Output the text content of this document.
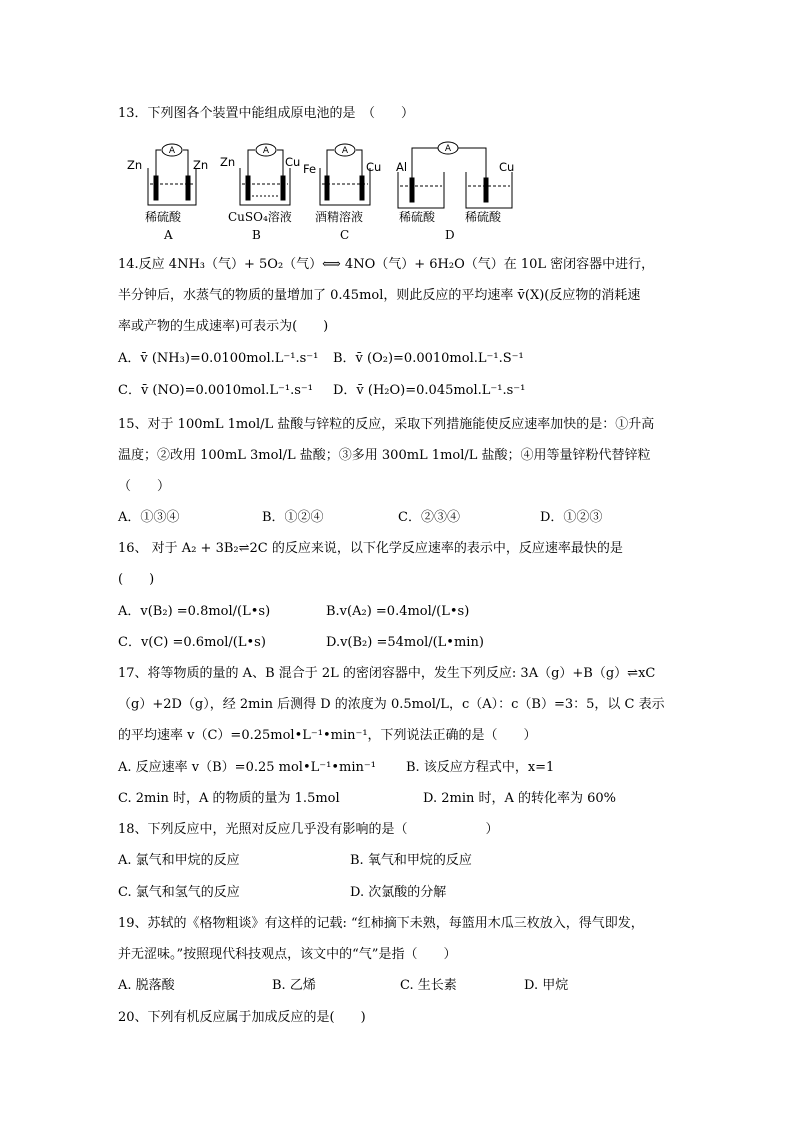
13．下列图各个装置中能组成原电池的是　（　　）
A	A	A	A
Zn	Zn Zn	Cu Fe	Cu Al	Cu
稀硫酸	CuSO₄溶液 酒精溶液	稀硫酸 稀硫酸
A	B	C	D
14.反应 4NH₃（气）+ 5O₂（气）⟺ 4NO（气）+ 6H₂O（气）在 10L 密闭容器中进行，
半分钟后，水蒸气的物质的量增加了 0.45mol，则此反应的平均速率 v̄(X)(反应物的消耗速
率或产物的生成速率)可表示为(　　)
A．v̄ (NH₃)=0.0100mol.L⁻¹.s⁻¹ B．v̄ (O₂)=0.0010mol.L⁻¹.S⁻¹
C．v̄ (NO)=0.0010mol.L⁻¹.s⁻¹ D．v̄ (H₂O)=0.045mol.L⁻¹.s⁻¹
15、对于 100mL 1mol/L 盐酸与锌粒的反应，采取下列措施能使反应速率加快的是：①升高
温度；②改用 100mL 3mol/L 盐酸；③多用 300mL 1mol/L 盐酸；④用等量锌粉代替锌粒
（　　）
A．①③④	B．①②④	C．②③④	D．①②③
16、 对于 A₂ + 3B₂⇌2C 的反应来说，以下化学反应速率的表示中，反应速率最快的是
(　　)
A．v(B₂) =0.8mol/(L•s)	B.v(A₂) =0.4mol/(L•s)
C．v(C) =0.6mol/(L•s)	D.v(B₂) =54mol/(L•min)
17、将等物质的量的 A、B 混合于 2L 的密闭容器中，发生下列反应: 3A（g）+B（g）⇌xC
（g）+2D（g），经 2min 后测得 D 的浓度为 0.5mol/L，c（A）：c（B）=3：5，以 C 表示
的平均速率 v（C）=0.25mol•L⁻¹•min⁻¹，下列说法正确的是（　　）
A. 反应速率 v（B）=0.25 mol•L⁻¹•min⁻¹ B. 该反应方程式中，x=1
C. 2min 时，A 的物质的量为 1.5mol	D. 2min 时，A 的转化率为 60%
18、下列反应中，光照对反应几乎没有影响的是（　　　　　　）
A. 氯气和甲烷的反应	B. 氧气和甲烷的反应
C. 氯气和氢气的反应	D. 次氯酸的分解
19、苏轼的《格物粗谈》有这样的记载: “红柿摘下未熟，每篮用木瓜三枚放入，得气即发，
并无涩味。”按照现代科技观点，该文中的“气”是指（　　）
A. 脱落酸	B. 乙烯	C. 生长素	D. 甲烷
20、下列有机反应属于加成反应的是(　　)
